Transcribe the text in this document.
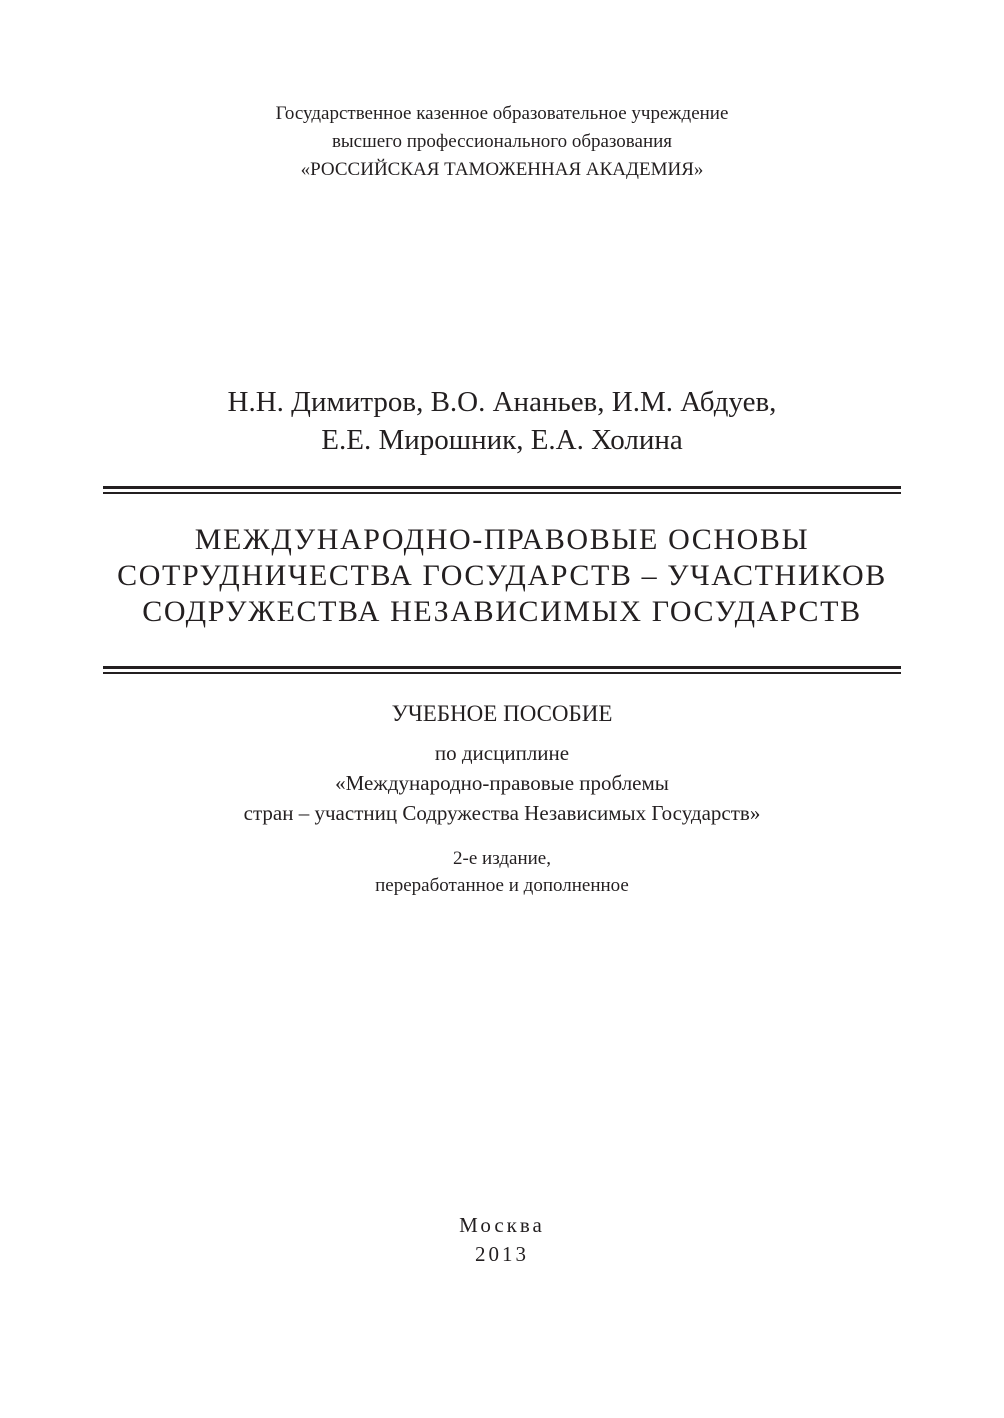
Государственное казенное образовательное учреждение
высшего профессионального образования
«РОССИЙСКАЯ ТАМОЖЕННАЯ АКАДЕМИЯ»
Н.Н. Димитров, В.О. Ананьев, И.М. Абдуев,
Е.Е. Мирошник, Е.А. Холина
МЕЖДУНАРОДНО-ПРАВОВЫЕ ОСНОВЫ
СОТРУДНИЧЕСТВА ГОСУДАРСТВ – УЧАСТНИКОВ
СОДРУЖЕСТВА НЕЗАВИСИМЫХ ГОСУДАРСТВ
УЧЕБНОЕ ПОСОБИЕ
по дисциплине
«Международно-правовые проблемы
стран – участниц Содружества Независимых Государств»
2-е издание,
переработанное и дополненное
Москва
2013
